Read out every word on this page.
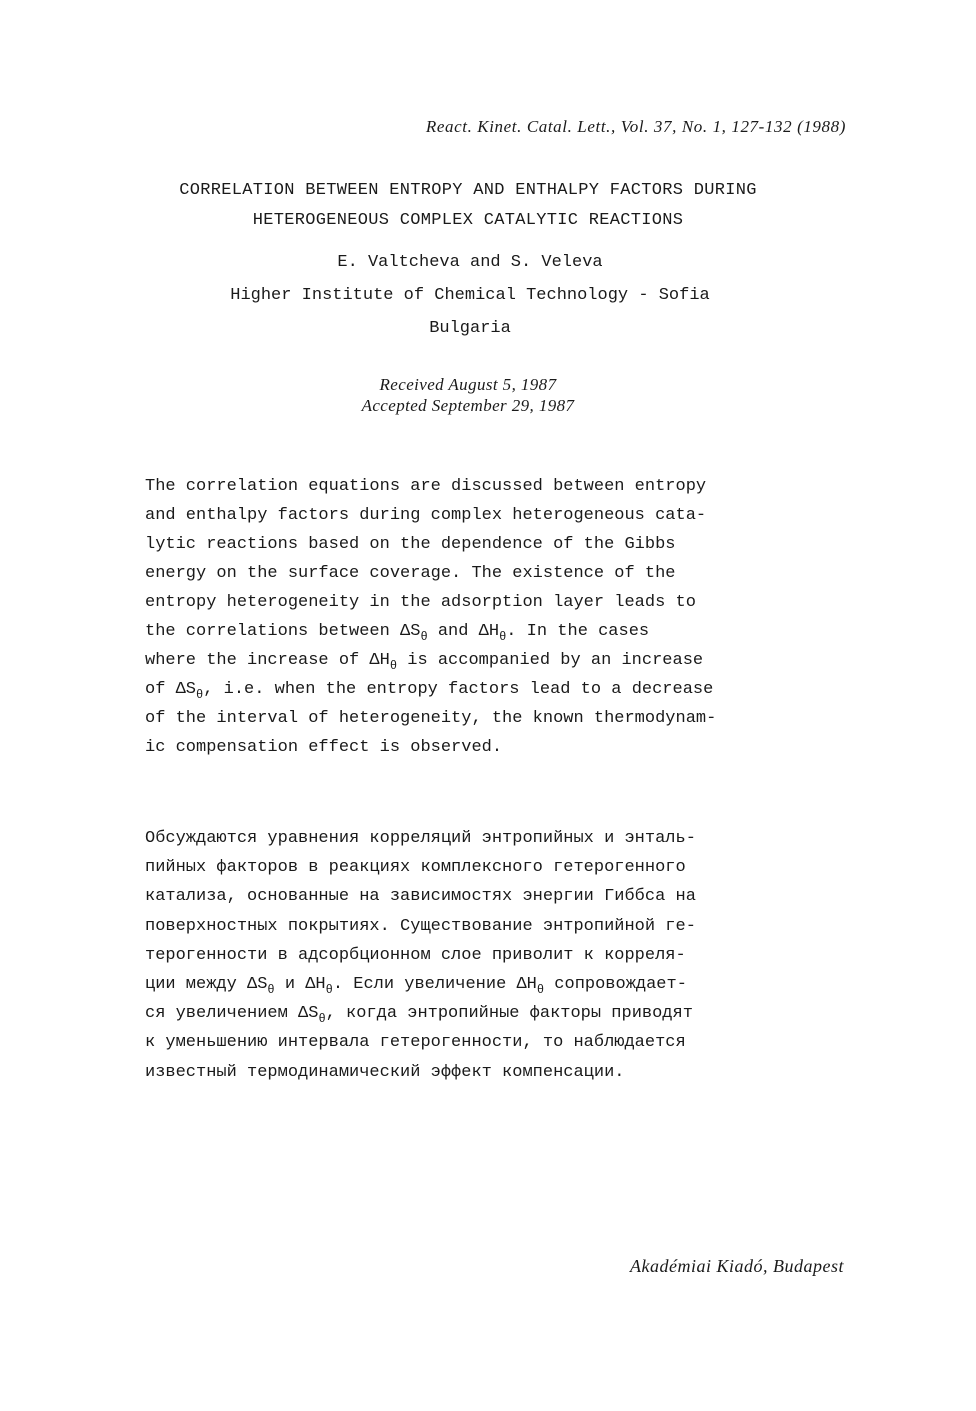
React. Kinet. Catal. Lett., Vol. 37, No. 1, 127-132 (1988)
CORRELATION BETWEEN ENTROPY AND ENTHALPY FACTORS DURING
HETEROGENEOUS COMPLEX CATALYTIC REACTIONS
E. Valtcheva and S. Veleva
Higher Institute of Chemical Technology - Sofia
Bulgaria
Received August 5, 1987
Accepted September 29, 1987
The correlation equations are discussed between entropy
and enthalpy factors during complex heterogeneous cata-
lytic reactions based on the dependence of the Gibbs
energy on the surface coverage. The existence of the
entropy heterogeneity in the adsorption layer leads to
the correlations between $\Delta S_\theta$ and $\Delta H_\theta$. In the cases
where the increase of $\Delta H_\theta$ is accompanied by an increase
of $\Delta S_\theta$, i.e. when the entropy factors lead to a decrease
of the interval of heterogeneity, the known thermodynam-
ic compensation effect is observed.
Обсуждаются уравнения корреляций энтропийных и энталь-
пийных факторов в реакциях комплексного гетерогенного
катализа, основанные на зависимостях энергии Гиббса на
поверхностных покрытиях. Существование энтропийной ге-
терогенности в адсорбционном слое приволит к корреля-
ции между $\Delta S_\theta$ и $\Delta H_\theta$. Если увеличение $\Delta H_\theta$ сопровождает-
ся увеличением $\Delta S_\theta$, когда энтропийные факторы приводят
к уменьшению интервала гетерогенности, то наблюдается
известный термодинамический эффект компенсации.
Akadémiai Kiadó, Budapest
